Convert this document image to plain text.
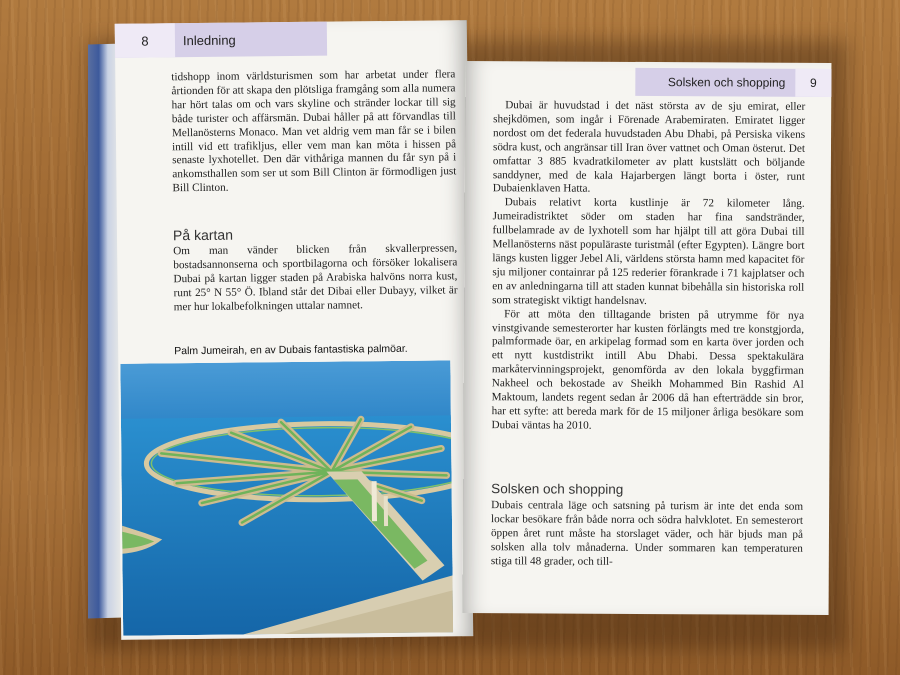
8	Inledning

tidshopp inom världsturismen som har arbetat under flera årtionden för att skapa den plötsliga framgång som alla numera har hört talas om och vars skyline och stränder lockar till sig både turister och affärsmän. Dubai håller på att förvandlas till Mellanösterns Monaco. Man vet aldrig vem man får se i bilen intill vid ett trafikljus, eller vem man kan möta i hissen på senaste lyxhotellet. Den där vithåriga mannen du får syn på i ankomsthallen som ser ut som Bill Clinton är förmodligen just Bill Clinton.

På kartan

Om man vänder blicken från skvallerpressen, bostadsannonserna och sportbilagorna och försöker lokalisera Dubai på kartan ligger staden på Arabiska halvöns norra kust, runt 25° N 55° Ö. Ibland står det Dibai eller Dubayy, vilket är mer hur lokalbefolkningen uttalar namnet.

Palm Jumeirah, en av Dubais fantastiska palmöar.
Solsken och shopping	9

Dubai är huvudstad i det näst största av de sju emirat, eller shejkdömen, som ingår i Förenade Arabemiraten. Emiratet ligger nordost om det federala huvudstaden Abu Dhabi, på Persiska vikens södra kust, och angränsar till Iran över vattnet och Oman österut. Det omfattar 3 885 kvadratkilometer av platt kustslätt och böljande sanddyner, med de kala Hajarbergen längt borta i öster, runt Dubaienklaven Hatta.

Dubais relativt korta kustlinje är 72 kilometer lång. Jumeiradistriktet söder om staden har fina sandstränder, fullbelamrade av de lyxhotell som har hjälpt till att göra Dubai till Mellanösterns näst populäraste turistmål (efter Egypten). Längre bort längs kusten ligger Jebel Ali, världens största hamn med kapacitet för sju miljoner containrar på 125 rederier förankrade i 71 kajplatser och en av anledningarna till att staden kunnat bibehålla sin historiska roll som strategiskt viktigt handelsnav.

För att möta den tilltagande bristen på utrymme för nya vinstgivande semesterorter har kusten förlängts med tre konstgjorda, palmformade öar, en arkipelag formad som en karta över jorden och ett nytt kustdistrikt intill Abu Dhabi. Dessa spektakulära markåtervinningsprojekt, genomförda av den lokala byggfirman Nakheel och bekostade av Sheikh Mohammed Bin Rashid Al Maktoum, landets regent sedan år 2006 då han efterträdde sin bror, har ett syfte: att bereda mark för de 15 miljoner årliga besökare som Dubai väntas ha 2010.

Solsken och shopping

Dubais centrala läge och satsning på turism är inte det enda som lockar besökare från både norra och södra halvklotet. En semesterort öppen året runt måste ha storslaget väder, och här bjuds man på solsken alla tolv månaderna. Under sommaren kan temperaturen stiga till 48 grader, och till-
